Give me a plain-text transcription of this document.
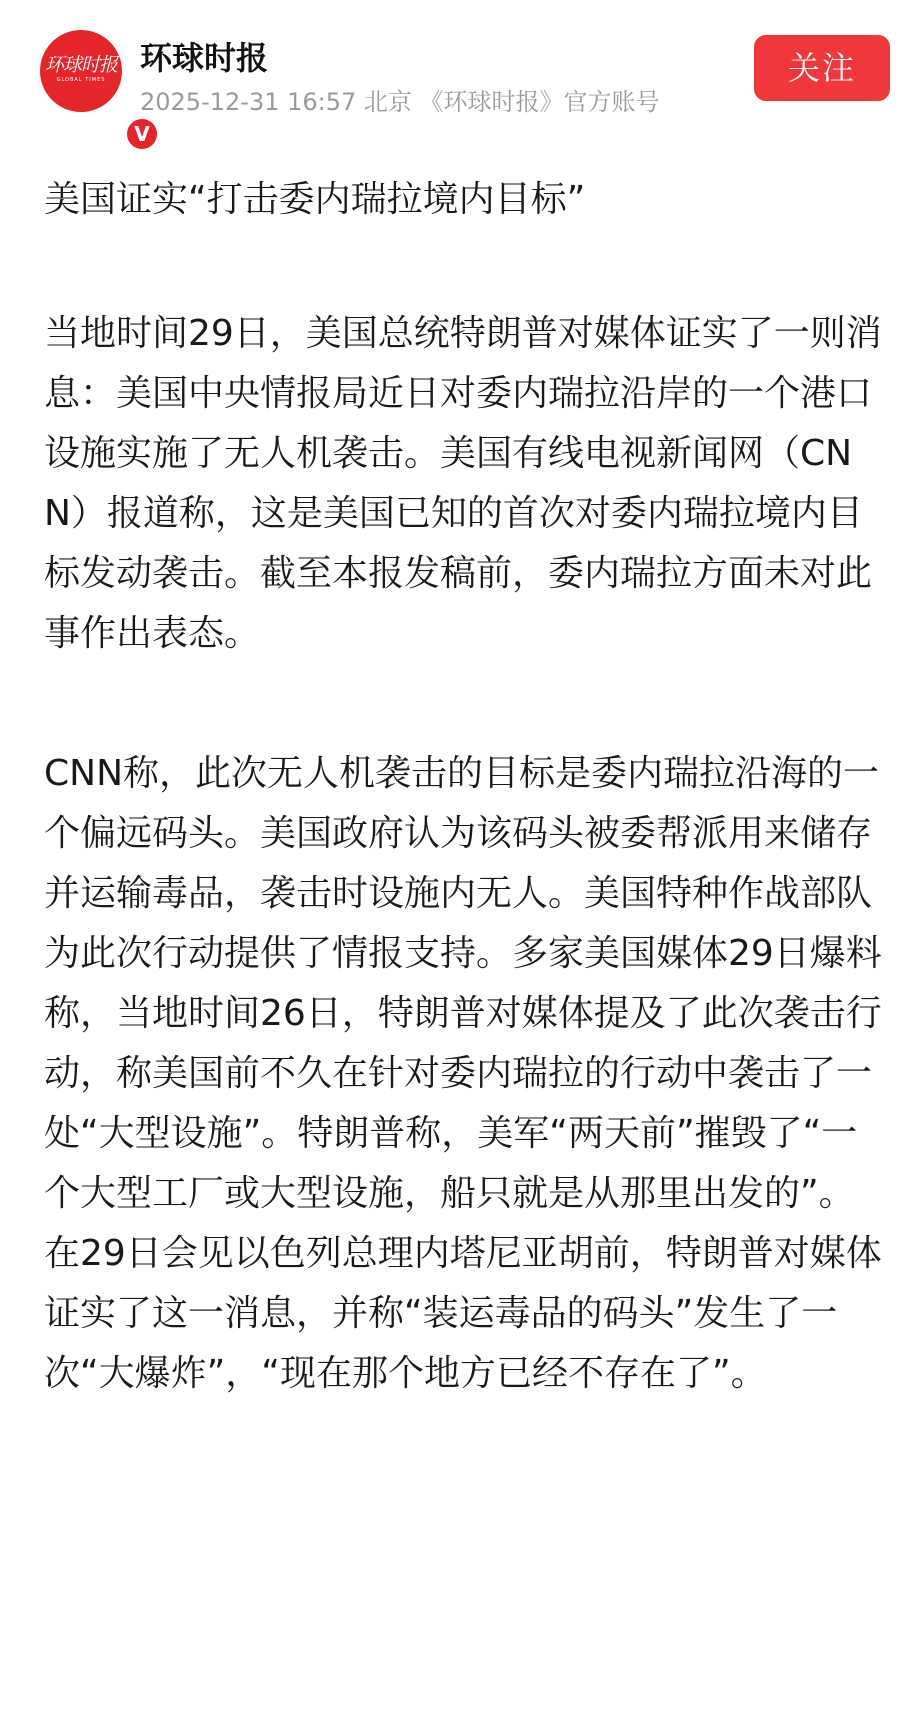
环球时报
GLOBAL TIMES
V
环球时报
2025-12-31 16:57 北京 《环球时报》官方账号
关注

美国证实“打击委内瑞拉境内目标”

当地时间29日，美国总统特朗普对媒体证实了一则消息：美国中央情报局近日对委内瑞拉沿岸的一个港口设施实施了无人机袭击。美国有线电视新闻网（CNN）报道称，这是美国已知的首次对委内瑞拉境内目标发动袭击。截至本报发稿前，委内瑞拉方面未对此事作出表态。

CNN称，此次无人机袭击的目标是委内瑞拉沿海的一个偏远码头。美国政府认为该码头被委帮派用来储存并运输毒品，袭击时设施内无人。美国特种作战部队为此次行动提供了情报支持。多家美国媒体29日爆料称，当地时间26日，特朗普对媒体提及了此次袭击行动，称美国前不久在针对委内瑞拉的行动中袭击了一处“大型设施”。特朗普称，美军“两天前”摧毁了“一个大型工厂或大型设施，船只就是从那里出发的”。在29日会见以色列总理内塔尼亚胡前，特朗普对媒体证实了这一消息，并称“装运毒品的码头”发生了一次“大爆炸”，“现在那个地方已经不存在了”。
